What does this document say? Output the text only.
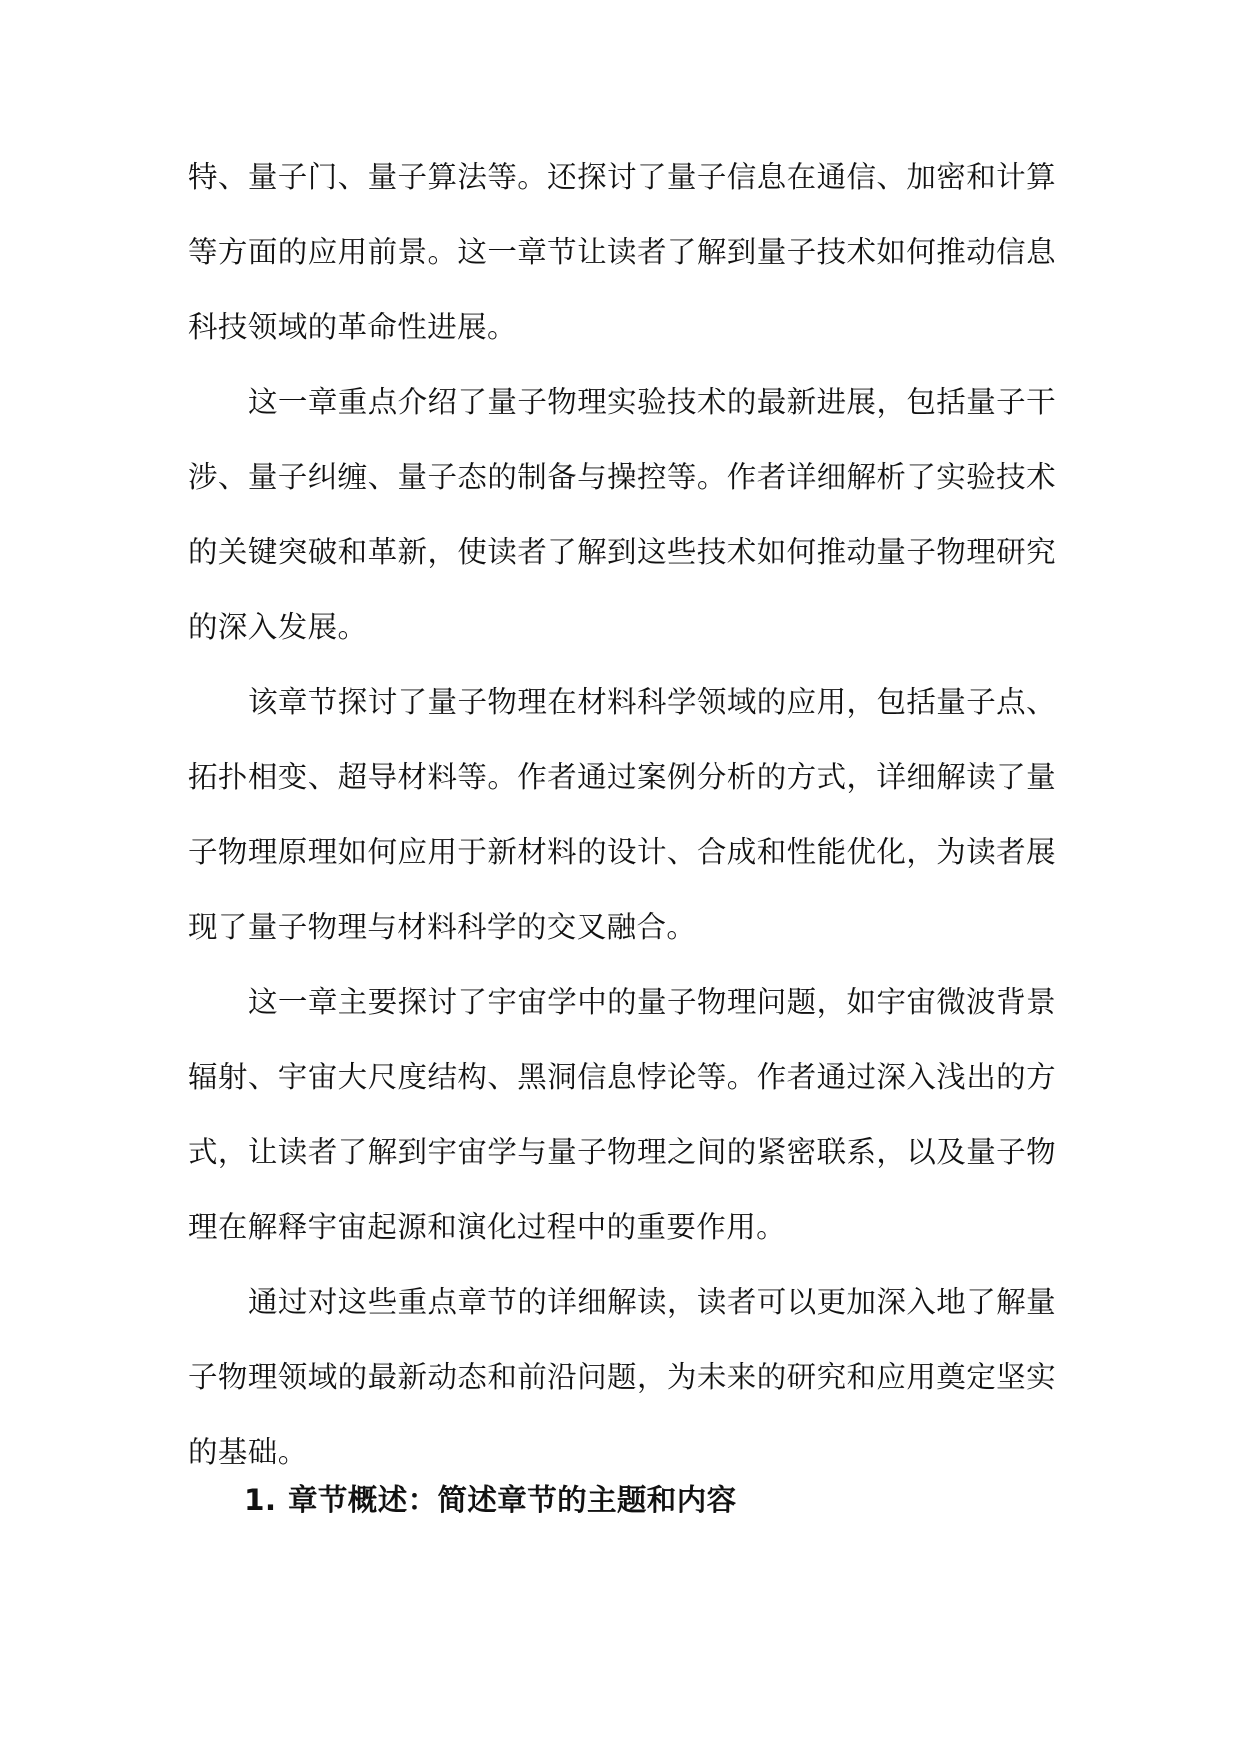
特、量子门、量子算法等。还探讨了量子信息在通信、加密和计算等方面的应用前景。这一章节让读者了解到量子技术如何推动信息科技领域的革命性进展。

这一章重点介绍了量子物理实验技术的最新进展，包括量子干涉、量子纠缠、量子态的制备与操控等。作者详细解析了实验技术的关键突破和革新，使读者了解到这些技术如何推动量子物理研究的深入发展。

该章节探讨了量子物理在材料科学领域的应用，包括量子点、拓扑相变、超导材料等。作者通过案例分析的方式，详细解读了量子物理原理如何应用于新材料的设计、合成和性能优化，为读者展现了量子物理与材料科学的交叉融合。

这一章主要探讨了宇宙学中的量子物理问题，如宇宙微波背景辐射、宇宙大尺度结构、黑洞信息悖论等。作者通过深入浅出的方式，让读者了解到宇宙学与量子物理之间的紧密联系，以及量子物理在解释宇宙起源和演化过程中的重要作用。

通过对这些重点章节的详细解读，读者可以更加深入地了解量子物理领域的最新动态和前沿问题，为未来的研究和应用奠定坚实的基础。

1. 章节概述：简述章节的主题和内容
